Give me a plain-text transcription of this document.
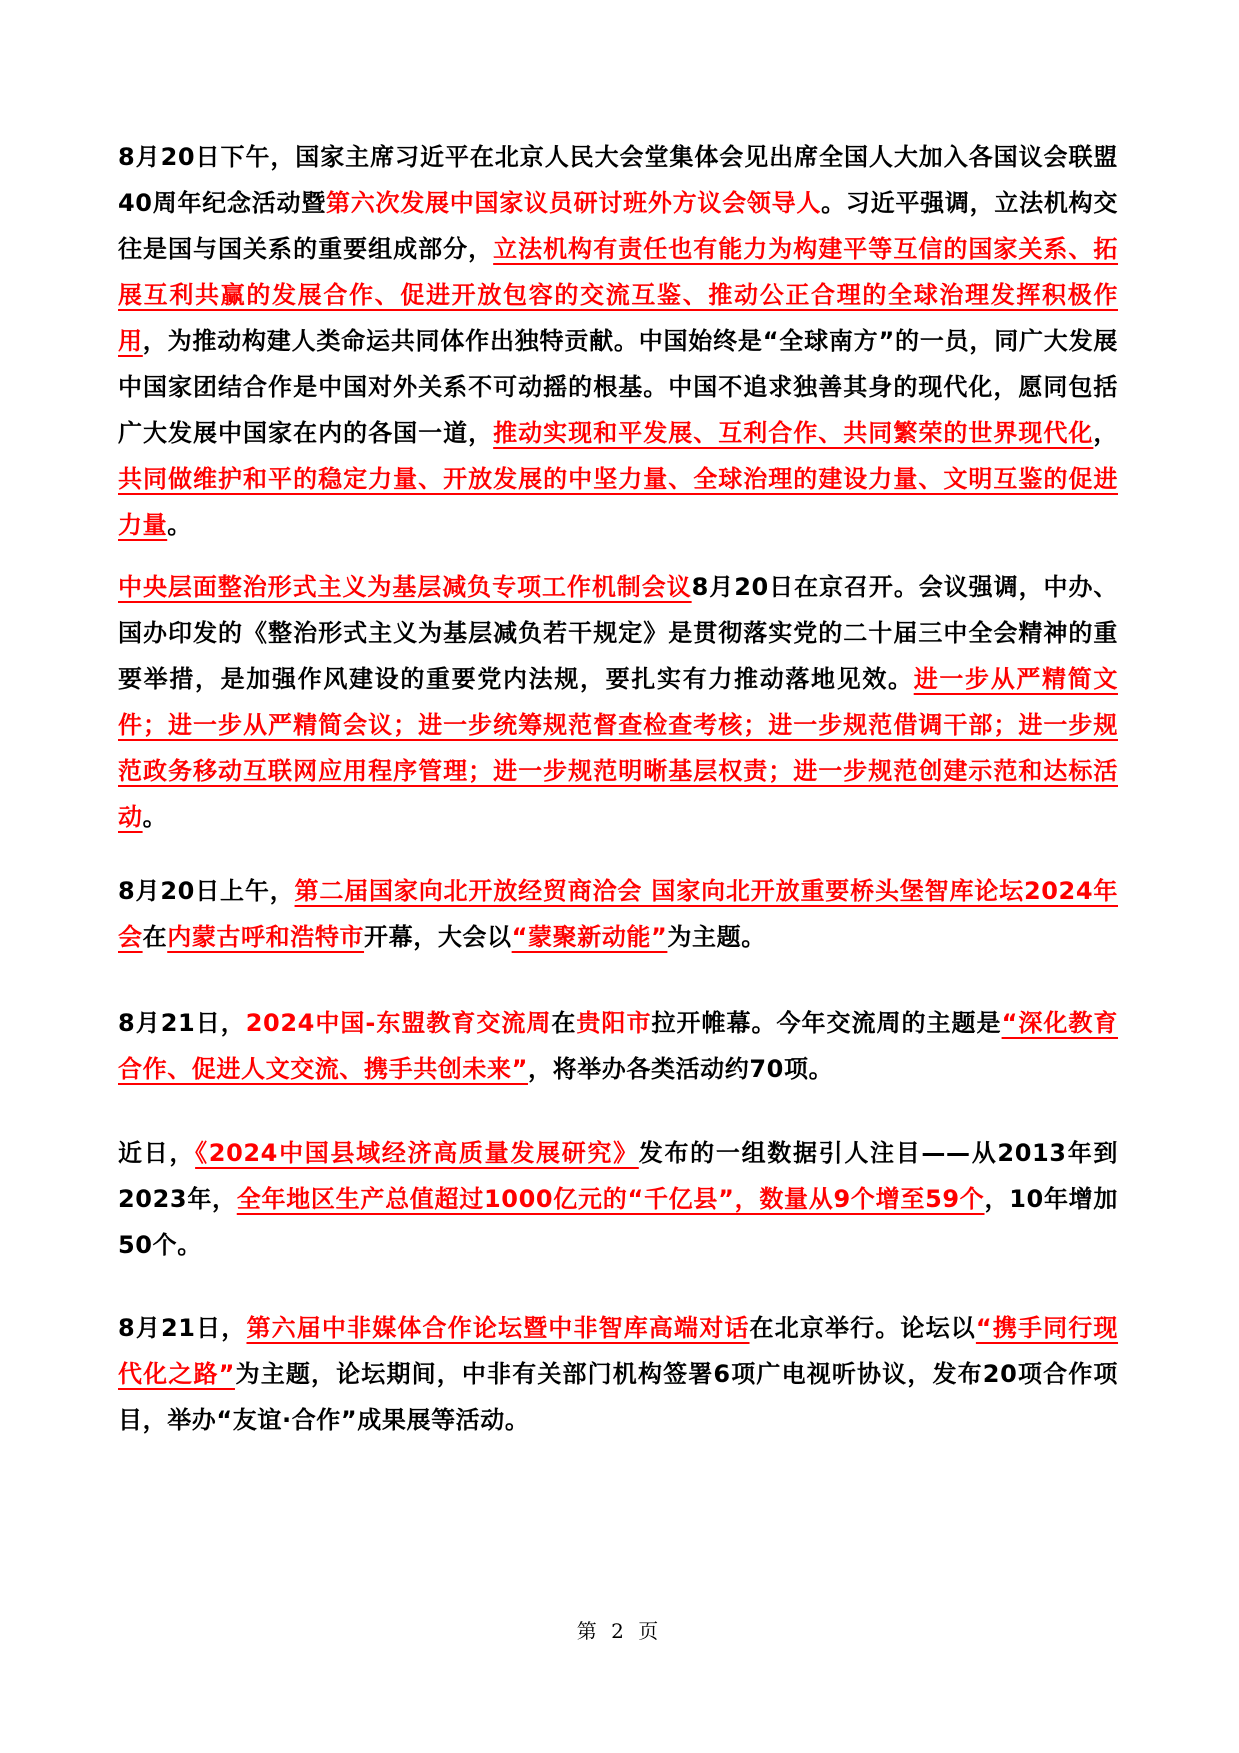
8月20日下午，国家主席习近平在北京人民大会堂集体会见出席全国人大加入各国议会联盟40周年纪念活动暨第六次发展中国家议员研讨班外方议会领导人。习近平强调，立法机构交往是国与国关系的重要组成部分，立法机构有责任也有能力为构建平等互信的国家关系、拓展互利共赢的发展合作、促进开放包容的交流互鉴、推动公正合理的全球治理发挥积极作用，为推动构建人类命运共同体作出独特贡献。中国始终是“全球南方”的一员，同广大发展中国家团结合作是中国对外关系不可动摇的根基。中国不追求独善其身的现代化，愿同包括广大发展中国家在内的各国一道，推动实现和平发展、互利合作、共同繁荣的世界现代化，共同做维护和平的稳定力量、开放发展的中坚力量、全球治理的建设力量、文明互鉴的促进力量。
中央层面整治形式主义为基层减负专项工作机制会议8月20日在京召开。会议强调，中办、国办印发的《整治形式主义为基层减负若干规定》是贯彻落实党的二十届三中全会精神的重要举措，是加强作风建设的重要党内法规，要扎实有力推动落地见效。进一步从严精简文件；进一步从严精简会议；进一步统筹规范督查检查考核；进一步规范借调干部；进一步规范政务移动互联网应用程序管理；进一步规范明晰基层权责；进一步规范创建示范和达标活动。
8月20日上午，第二届国家向北开放经贸商洽会 国家向北开放重要桥头堡智库论坛2024年会在内蒙古呼和浩特市开幕，大会以“蒙聚新动能”为主题。
8月21日，2024中国-东盟教育交流周在贵阳市拉开帷幕。今年交流周的主题是“深化教育合作、促进人文交流、携手共创未来”，将举办各类活动约70项。
近日，《2024中国县域经济高质量发展研究》发布的一组数据引人注目——从2013年到2023年，全年地区生产总值超过1000亿元的“千亿县”，数量从9个增至59个，10年增加50个。
8月21日，第六届中非媒体合作论坛暨中非智库高端对话在北京举行。论坛以“携手同行现代化之路”为主题，论坛期间，中非有关部门机构签署6项广电视听协议，发布20项合作项目，举办“友谊·合作”成果展等活动。
第 2 页
